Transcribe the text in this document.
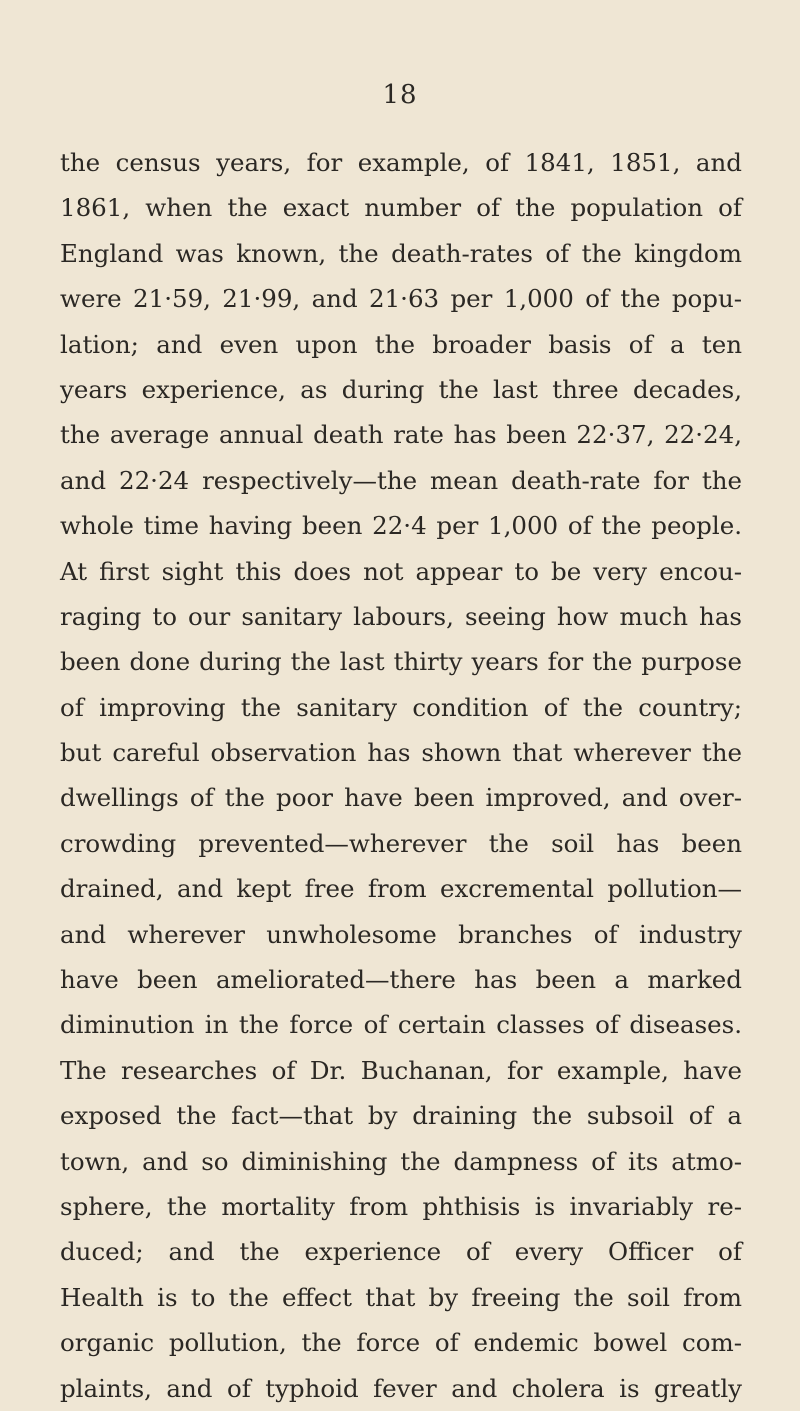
18
the census years, for example, of 1841, 1851, and
1861, when the exact number of the population of
England was known, the death-rates of the kingdom
were 21·59, 21·99, and 21·63 per 1,000 of the popu-
lation; and even upon the broader basis of a ten
years experience, as during the last three decades,
the average annual death rate has been 22·37, 22·24,
and 22·24 respectively—the mean death-rate for the
whole time having been 22·4 per 1,000 of the people.
At first sight this does not appear to be very encou-
raging to our sanitary labours, seeing how much has
been done during the last thirty years for the purpose
of improving the sanitary condition of the country;
but careful observation has shown that wherever the
dwellings of the poor have been improved, and over-
crowding prevented—wherever the soil has been
drained, and kept free from excremental pollution—
and wherever unwholesome branches of industry
have been ameliorated—there has been a marked
diminution in the force of certain classes of diseases.
The researches of Dr. Buchanan, for example, have
exposed the fact—that by draining the subsoil of a
town, and so diminishing the dampness of its atmo-
sphere, the mortality from phthisis is invariably re-
duced; and the experience of every Officer of
Health is to the effect that by freeing the soil from
organic pollution, the force of endemic bowel com-
plaints, and of typhoid fever and cholera is greatly
